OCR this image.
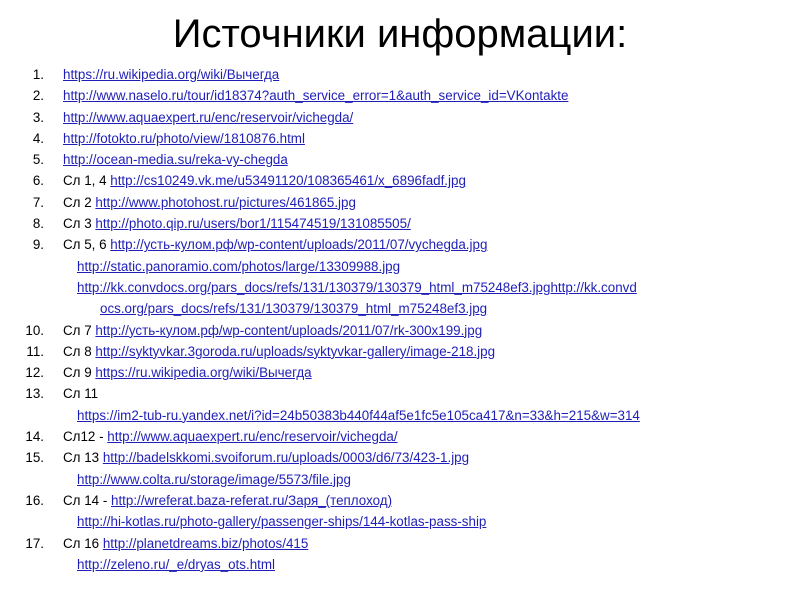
Источники информации:
1. https://ru.wikipedia.org/wiki/Вычегда
2. http://www.naselo.ru/tour/id18374?auth_service_error=1&auth_service_id=VKontakte
3. http://www.aquaexpert.ru/enc/reservoir/vichegda/
4. http://fotokto.ru/photo/view/1810876.html
5. http://ocean-media.su/reka-vy-chegda
6. Сл 1, 4 http://cs10249.vk.me/u53491120/108365461/x_6896fadf.jpg
7. Сл 2 http://www.photohost.ru/pictures/461865.jpg
8. Сл 3 http://photo.qip.ru/users/bor1/115474519/131085505/
9. Сл 5, 6 http://усть-кулом.рф/wp-content/uploads/2011/07/vychegda.jpg
http://static.panoramio.com/photos/large/13309988.jpg
http://kk.convdocs.org/pars_docs/refs/131/130379/130379_html_m75248ef3.jpghttp://kk.convd
ocs.org/pars_docs/refs/131/130379/130379_html_m75248ef3.jpg
10. Сл 7 http://усть-кулом.рф/wp-content/uploads/2011/07/rk-300x199.jpg
11. Сл 8 http://syktyvkar.3goroda.ru/uploads/syktyvkar-gallery/image-218.jpg
12. Сл 9 https://ru.wikipedia.org/wiki/Вычегда
13. Сл 11
https://im2-tub-ru.yandex.net/i?id=24b50383b440f44af5e1fc5e105ca417&n=33&h=215&w=314
14. Сл12 - http://www.aquaexpert.ru/enc/reservoir/vichegda/
15. Сл 13 http://badelskkomi.svoiforum.ru/uploads/0003/d6/73/423-1.jpg
http://www.colta.ru/storage/image/5573/file.jpg
16. Сл 14 - http://wreferat.baza-referat.ru/Заря_(теплоход)
http://hi-kotlas.ru/photo-gallery/passenger-ships/144-kotlas-pass-ship
17. Сл 16 http://planetdreams.biz/photos/415
http://zeleno.ru/_e/dryas_ots.html
